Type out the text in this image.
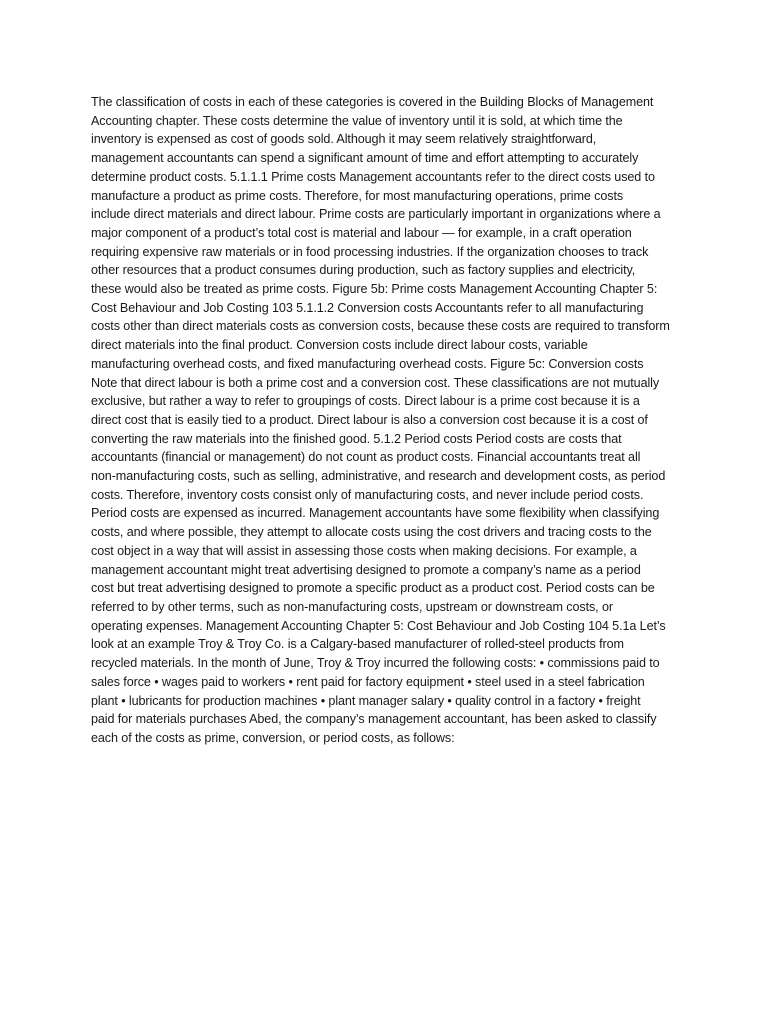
The classification of costs in each of these categories is covered in the Building Blocks of Management
Accounting chapter. These costs determine the value of inventory until it is sold, at which time the
inventory is expensed as cost of goods sold. Although it may seem relatively straightforward,
management accountants can spend a significant amount of time and effort attempting to accurately
determine product costs. 5.1.1.1 Prime costs Management accountants refer to the direct costs used to
manufacture a product as prime costs. Therefore, for most manufacturing operations, prime costs
include direct materials and direct labour. Prime costs are particularly important in organizations where a
major component of a product’s total cost is material and labour — for example, in a craft operation
requiring expensive raw materials or in food processing industries. If the organization chooses to track
other resources that a product consumes during production, such as factory supplies and electricity,
these would also be treated as prime costs. Figure 5b: Prime costs Management Accounting Chapter 5:
Cost Behaviour and Job Costing 103 5.1.1.2 Conversion costs Accountants refer to all manufacturing
costs other than direct materials costs as conversion costs, because these costs are required to transform
direct materials into the final product. Conversion costs include direct labour costs, variable
manufacturing overhead costs, and fixed manufacturing overhead costs. Figure 5c: Conversion costs
Note that direct labour is both a prime cost and a conversion cost. These classifications are not mutually
exclusive, but rather a way to refer to groupings of costs. Direct labour is a prime cost because it is a
direct cost that is easily tied to a product. Direct labour is also a conversion cost because it is a cost of
converting the raw materials into the finished good. 5.1.2 Period costs Period costs are costs that
accountants (financial or management) do not count as product costs. Financial accountants treat all
non-manufacturing costs, such as selling, administrative, and research and development costs, as period
costs. Therefore, inventory costs consist only of manufacturing costs, and never include period costs.
Period costs are expensed as incurred. Management accountants have some flexibility when classifying
costs, and where possible, they attempt to allocate costs using the cost drivers and tracing costs to the
cost object in a way that will assist in assessing those costs when making decisions. For example, a
management accountant might treat advertising designed to promote a company’s name as a period
cost but treat advertising designed to promote a specific product as a product cost. Period costs can be
referred to by other terms, such as non-manufacturing costs, upstream or downstream costs, or
operating expenses. Management Accounting Chapter 5: Cost Behaviour and Job Costing 104 5.1a Let’s
look at an example Troy & Troy Co. is a Calgary-based manufacturer of rolled-steel products from
recycled materials. In the month of June, Troy & Troy incurred the following costs: • commissions paid to
sales force • wages paid to workers • rent paid for factory equipment • steel used in a steel fabrication
plant • lubricants for production machines • plant manager salary • quality control in a factory • freight
paid for materials purchases Abed, the company’s management accountant, has been asked to classify
each of the costs as prime, conversion, or period costs, as follows:
